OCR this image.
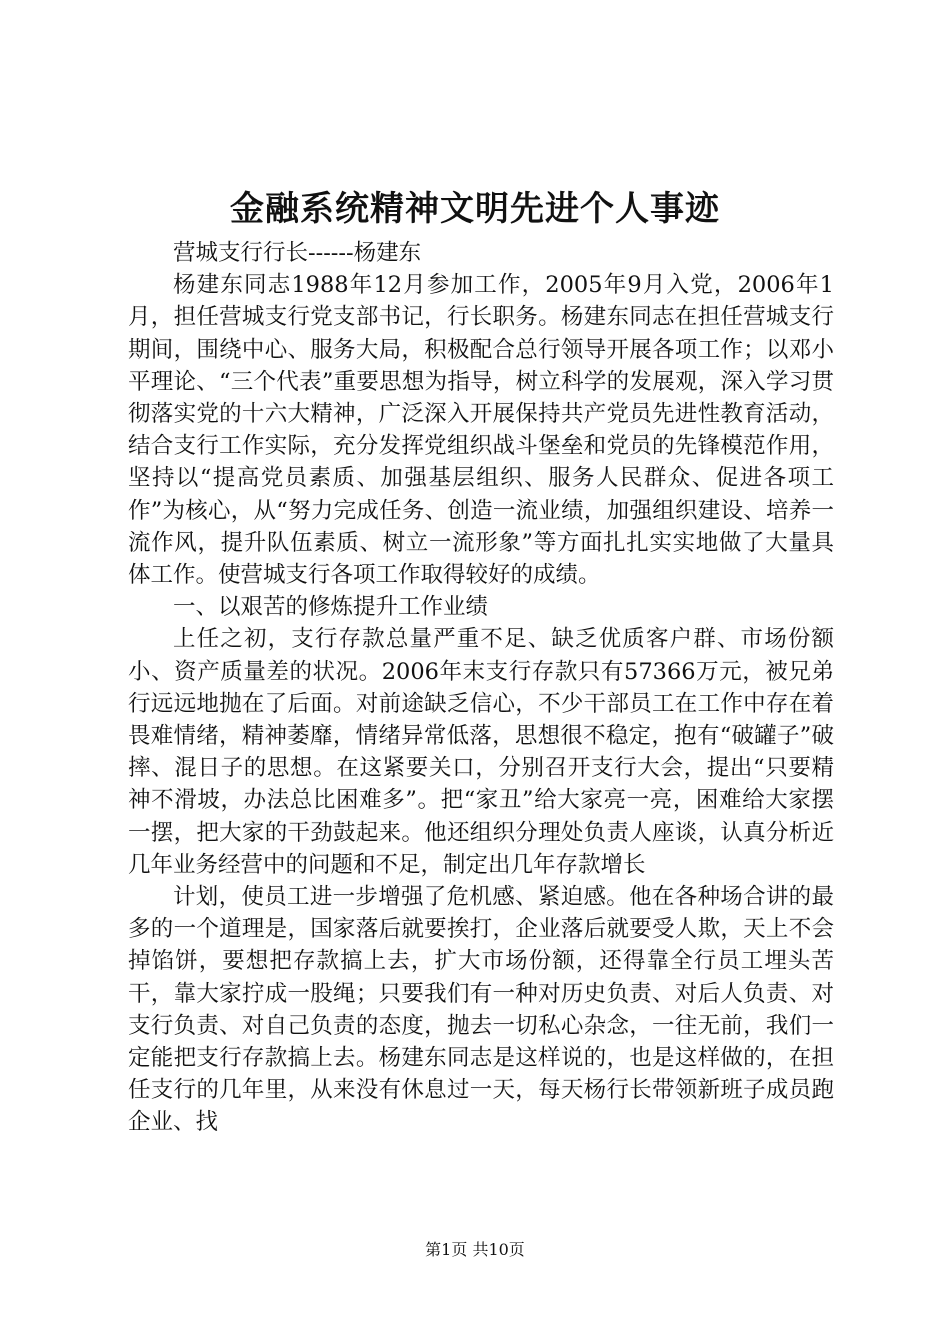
金融系统精神文明先进个人事迹

营城支行行长------杨建东

杨建东同志1988年12月参加工作，2005年9月入党，2006年1月，担任营城支行党支部书记，行长职务。杨建东同志在担任营城支行期间，围绕中心、服务大局，积极配合总行领导开展各项工作；以邓小平理论、“三个代表”重要思想为指导，树立科学的发展观，深入学习贯彻落实党的十六大精神，广泛深入开展保持共产党员先进性教育活动，结合支行工作实际，充分发挥党组织战斗堡垒和党员的先锋模范作用，坚持以“提高党员素质、加强基层组织、服务人民群众、促进各项工作”为核心，从“努力完成任务、创造一流业绩，加强组织建设、培养一流作风，提升队伍素质、树立一流形象”等方面扎扎实实地做了大量具体工作。使营城支行各项工作取得较好的成绩。

一、以艰苦的修炼提升工作业绩

上任之初，支行存款总量严重不足、缺乏优质客户群、市场份额小、资产质量差的状况。2006年末支行存款只有57366万元，被兄弟行远远地抛在了后面。对前途缺乏信心，不少干部员工在工作中存在着畏难情绪，精神萎靡，情绪异常低落，思想很不稳定，抱有“破罐子”破摔、混日子的思想。在这紧要关口，分别召开支行大会，提出“只要精神不滑坡，办法总比困难多”。把“家丑”给大家亮一亮，困难给大家摆一摆，把大家的干劲鼓起来。他还组织分理处负责人座谈，认真分析近几年业务经营中的问题和不足，制定出几年存款增长

计划，使员工进一步增强了危机感、紧迫感。他在各种场合讲的最多的一个道理是，国家落后就要挨打，企业落后就要受人欺，天上不会掉馅饼，要想把存款搞上去，扩大市场份额，还得靠全行员工埋头苦干，靠大家拧成一股绳；只要我们有一种对历史负责、对后人负责、对支行负责、对自己负责的态度，抛去一切私心杂念，一往无前，我们一定能把支行存款搞上去。杨建东同志是这样说的，也是这样做的，在担任支行的几年里，从来没有休息过一天，每天杨行长带领新班子成员跑企业、找

第1页 共10页
